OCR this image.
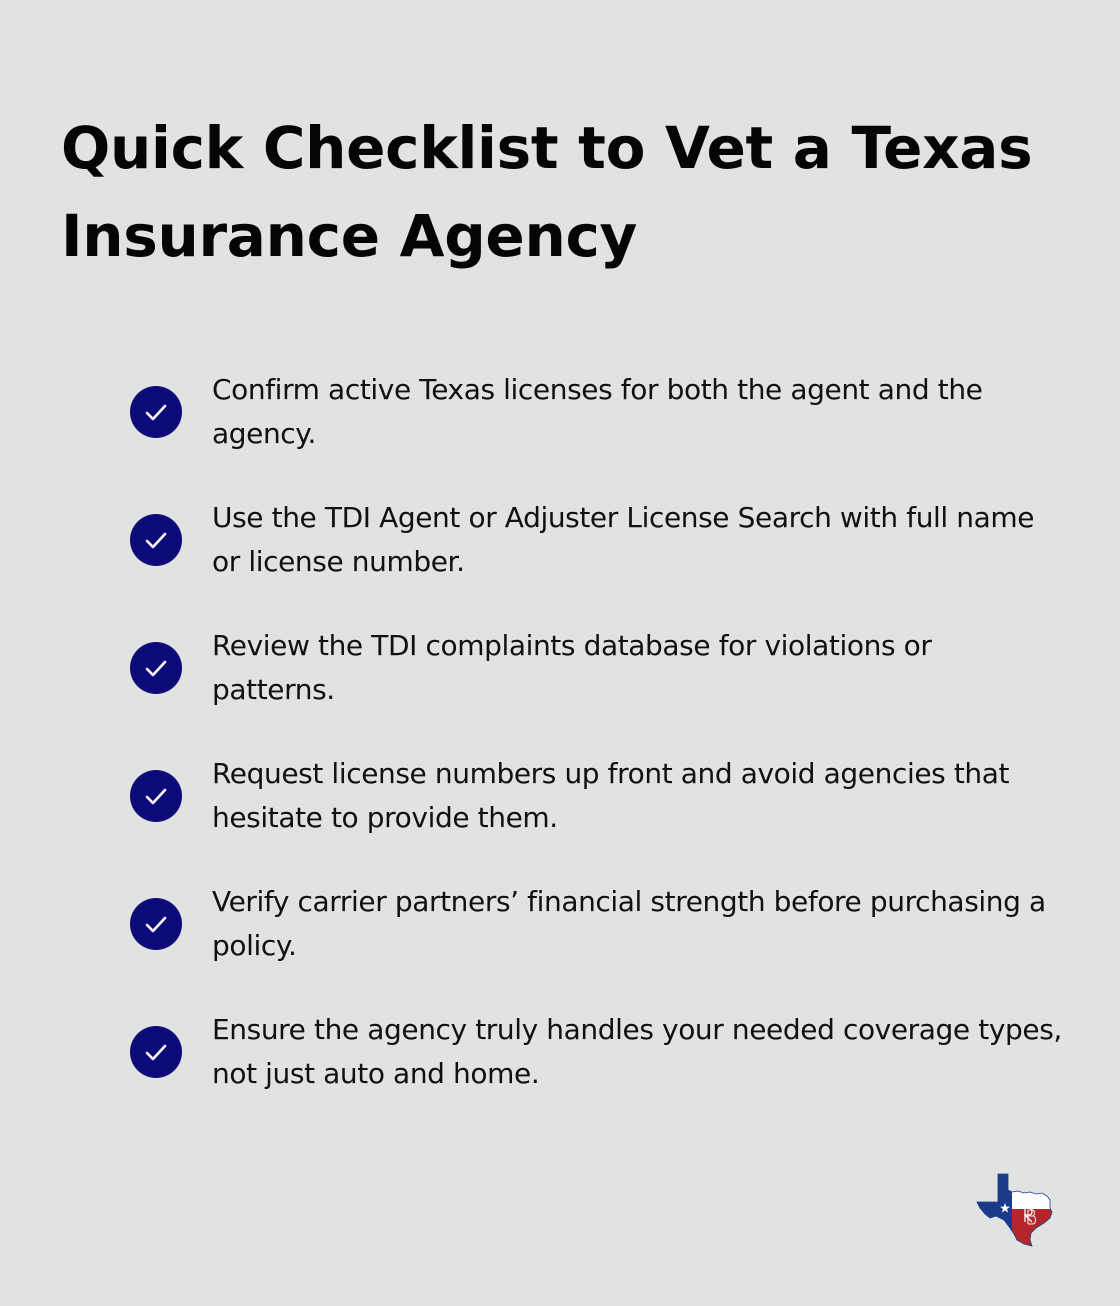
Quick Checklist to Vet a Texas Insurance Agency
Confirm active Texas licenses for both the agent and the agency.
Use the TDI Agent or Adjuster License Search with full name or license number.
Review the TDI complaints database for violations or patterns.
Request license numbers up front and avoid agencies that hesitate to provide them.
Verify carrier partners’ financial strength before purchasing a policy.
Ensure the agency truly handles your needed coverage types, not just auto and home.
